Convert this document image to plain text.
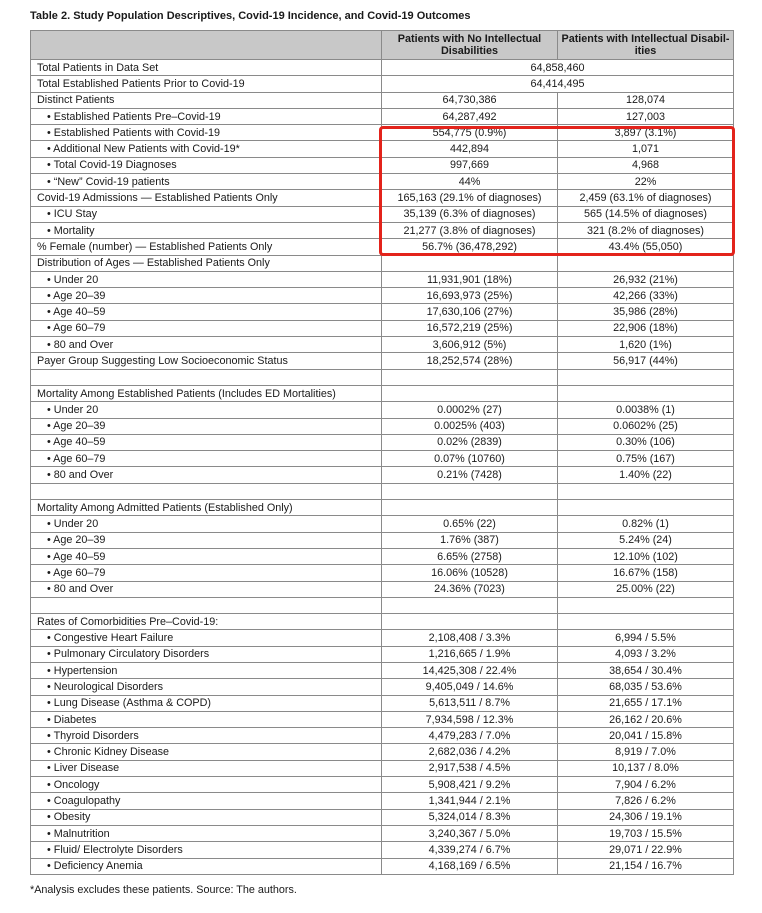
Table 2. Study Population Descriptives, Covid-19 Incidence, and Covid-19 Outcomes
	Patients with No Intellectual Disabilities	Patients with Intellectual Disabil-ities
Total Patients in Data Set	64,858,460	
Total Established Patients Prior to Covid-19	64,414,495	
Distinct Patients	64,730,386	128,074
• Established Patients Pre–Covid-19	64,287,492	127,003
• Established Patients with Covid-19	554,775 (0.9%)	3,897 (3.1%)
• Additional New Patients with Covid-19*	442,894	1,071
• Total Covid-19 Diagnoses	997,669	4,968
• “New” Covid-19 patients	44%	22%
Covid-19 Admissions — Established Patients Only	165,163 (29.1% of diagnoses)	2,459 (63.1% of diagnoses)
• ICU Stay	35,139 (6.3% of diagnoses)	565 (14.5% of diagnoses)
• Mortality	21,277 (3.8% of diagnoses)	321 (8.2% of diagnoses)
% Female (number) — Established Patients Only	56.7% (36,478,292)	43.4% (55,050)
Distribution of Ages — Established Patients Only		
• Under 20	11,931,901 (18%)	26,932 (21%)
• Age 20–39	16,693,973 (25%)	42,266 (33%)
• Age 40–59	17,630,106 (27%)	35,986 (28%)
• Age 60–79	16,572,219 (25%)	22,906 (18%)
• 80 and Over	3,606,912 (5%)	1,620 (1%)
Payer Group Suggesting Low Socioeconomic Status	18,252,574 (28%)	56,917 (44%)

Mortality Among Established Patients (Includes ED Mortalities)		
• Under 20	0.0002% (27)	0.0038% (1)
• Age 20–39	0.0025% (403)	0.0602% (25)
• Age 40–59	0.02% (2839)	0.30% (106)
• Age 60–79	0.07% (10760)	0.75% (167)
• 80 and Over	0.21% (7428)	1.40% (22)

Mortality Among Admitted Patients (Established Only)		
• Under 20	0.65% (22)	0.82% (1)
• Age 20–39	1.76% (387)	5.24% (24)
• Age 40–59	6.65% (2758)	12.10% (102)
• Age 60–79	16.06% (10528)	16.67% (158)
• 80 and Over	24.36% (7023)	25.00% (22)

Rates of Comorbidities Pre–Covid-19:		
• Congestive Heart Failure	2,108,408 / 3.3%	6,994 / 5.5%
• Pulmonary Circulatory Disorders	1,216,665 / 1.9%	4,093 / 3.2%
• Hypertension	14,425,308 / 22.4%	38,654 / 30.4%
• Neurological Disorders	9,405,049 / 14.6%	68,035 / 53.6%
• Lung Disease (Asthma & COPD)	5,613,511 / 8.7%	21,655 / 17.1%
• Diabetes	7,934,598 / 12.3%	26,162 / 20.6%
• Thyroid Disorders	4,479,283 / 7.0%	20,041 / 15.8%
• Chronic Kidney Disease	2,682,036 / 4.2%	8,919 / 7.0%
• Liver Disease	2,917,538 / 4.5%	10,137 / 8.0%
• Oncology	5,908,421 / 9.2%	7,904 / 6.2%
• Coagulopathy	1,341,944 / 2.1%	7,826 / 6.2%
• Obesity	5,324,014 / 8.3%	24,306 / 19.1%
• Malnutrition	3,240,367 / 5.0%	19,703 / 15.5%
• Fluid/ Electrolyte Disorders	4,339,274 / 6.7%	29,071 / 22.9%
• Deficiency Anemia	4,168,169 / 6.5%	21,154 / 16.7%
*Analysis excludes these patients. Source: The authors.
